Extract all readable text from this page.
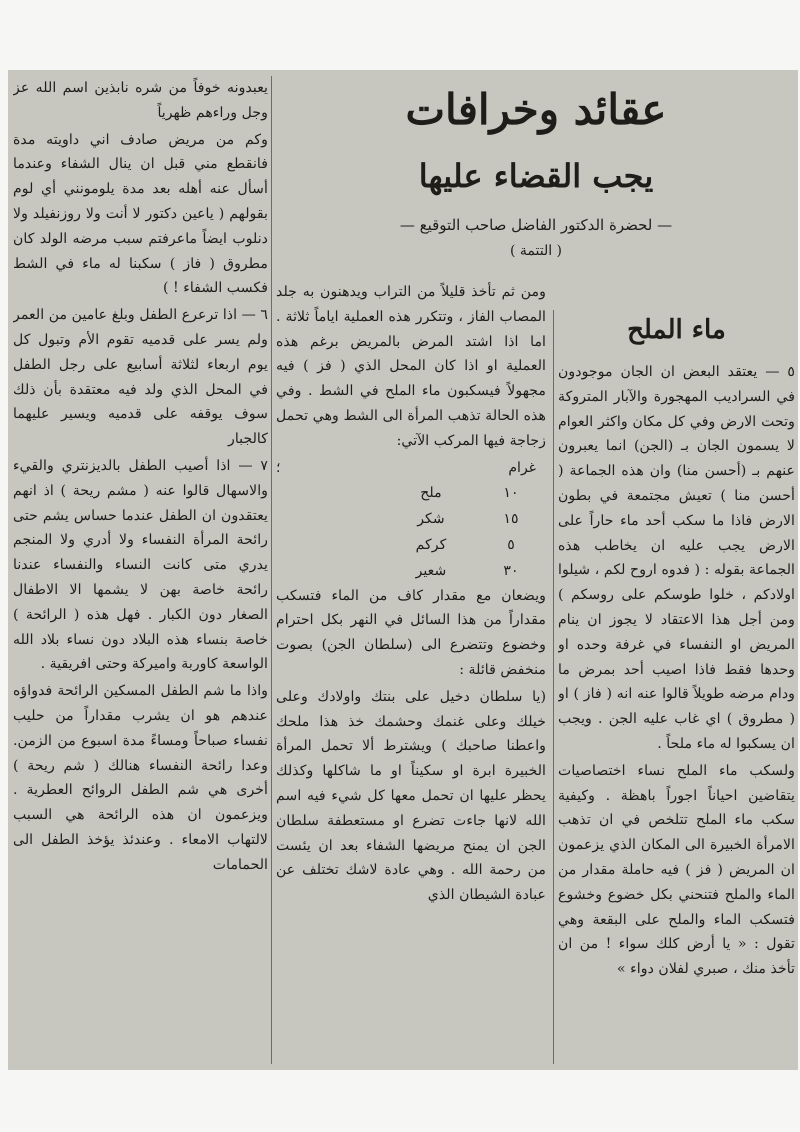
عقائد وخرافات
يجب القضاء عليها
— لحضرة الدكتور الفاضل صاحب التوقيع —
( التتمة )
ماء الملح

٥ — يعتقد البعض ان الجان موجودون في السراديب المهجورة والآبار المتروكة وتحت الارض وفي كل مكان واكثر العوام لا يسمون الجان بـ (الجن) انما يعبرون عنهم بـ (أحسن منا) وان هذه الجماعة ( أحسن منا ) تعيش مجتمعة في بطون الارض فاذا ما سكب أحد ماء حاراً على الارض يجب عليه ان يخاطب هذه الجماعة بقوله : ( فدوه اروح لكم ، شيلوا اولادكم ، خلوا طوسكم على روسكم ) ومن أجل هذا الاعتقاد لا يجوز ان ينام المريض او النفساء في غرفة وحده او وحدها فقط فاذا اصيب أحد بمرض ما ودام مرضه طويلاً قالوا عنه انه ( فاز ) او ( مطروق ) اي غاب عليه الجن . ويجب ان يسكبوا له ماء ملحاً .

ولسكب ماء الملح نساء اختصاصيات يتقاضين احياناً اجوراً باهظة . وكيفية سكب ماء الملح تتلخص في ان تذهب الامرأة الخبيرة الى المكان الذي يزعمون ان المريض ( فز ) فيه حاملة مقدار من الماء والملح فتنحني بكل خضوع وخشوع فتسكب الماء والملح على البقعة وهي تقول : « يا أرض كلك سواء ! من ان تأخذ منك ، صبري لفلان دواء »

ومن ثم تأخذ قليلاً من التراب ويدهنون به جلد المصاب الفاز ، وتتكرر هذه العملية اياماً ثلاثة . اما اذا اشتد المرض بالمريض برغم هذه العملية او اذا كان المحل الذي ( فز ) فيه مجهولاً فيسكبون ماء الملح في الشط . وفي هذه الحالة تذهب المرأة الى الشط وهي تحمل زجاجة فيها المركب الآتي:

غرام
؛
١٠
ملح
١٥
شكر
٥
كركم
٣٠
شعير

ويضعان مع مقدار كاف من الماء فتسكب مقداراً من هذا السائل في النهر بكل احترام وخضوع وتتضرع الى (سلطان الجن) بصوت منخفض قائلة :

(يا سلطان دخيل على بنتك واولادك وعلى خيلك وعلى غنمك وحشمك خذ هذا ملحك واعطنا صاحبك ) ويشترط ألا تحمل المرأة الخبيرة ابرة او سكيناً او ما شاكلها وكذلك يحظر عليها ان تحمل معها كل شيء فيه اسم الله لانها جاءت تضرع او مستعطفة سلطان الجن ان يمنح مريضها الشفاء بعد ان يئست من رحمة الله . وهي عادة لاشك تختلف عن عبادة الشيطان الذي

يعبدونه خوفاً من شره نابذين اسم الله عز وجل وراءهم ظهرياً

وكم من مريض صادف اني داويته مدة فانقطع مني قبل ان ينال الشفاء وعندما أسأل عنه أهله بعد مدة يلومونني أي لوم بقولهم ( ياعين دكتور لا أنت ولا روزنفيلد ولا دنلوب ايضاً ماعرفتم سبب مرضه الولد كان مطروق ( فاز ) سكبنا له ماء في الشط فكسب الشفاء ! )

٦ — اذا ترعرع الطفل وبلغ عامين من العمر ولم يسر على قدميه تقوم الأم وتبول كل يوم اربعاء لثلاثة أسابيع على رجل الطفل في المحل الذي ولد فيه معتقدة بأن ذلك سوف يوقفه على قدميه ويسير عليهما كالجبار

٧ — اذا أصيب الطفل بالديزنتري والقيء والاسهال قالوا عنه ( مشم ريحة ) اذ انهم يعتقدون ان الطفل عندما حساس يشم حتى رائحة المرأة النفساء ولا أدري ولا المنجم يدري متى كانت النساء والنفساء عندنا رائحة خاصة بهن لا يشمها الا الاطفال الصغار دون الكبار . فهل هذه ( الرائحة ) خاصة بنساء هذه البلاد دون نساء بلاد الله الواسعة كاوربة واميركة وحتى افريقية .

واذا ما شم الطفل المسكين الرائحة فدواؤه عندهم هو ان يشرب مقداراً من حليب نفساء صباحاً ومساءً مدة اسبوع من الزمن. وعدا رائحة النفساء هنالك ( شم ريحة ) أخرى هي شم الطفل الروائح العطرية . ويزعمون ان هذه الرائحة هي السبب لالتهاب الامعاء . وعندئذ يؤخذ الطفل الى الحمامات
